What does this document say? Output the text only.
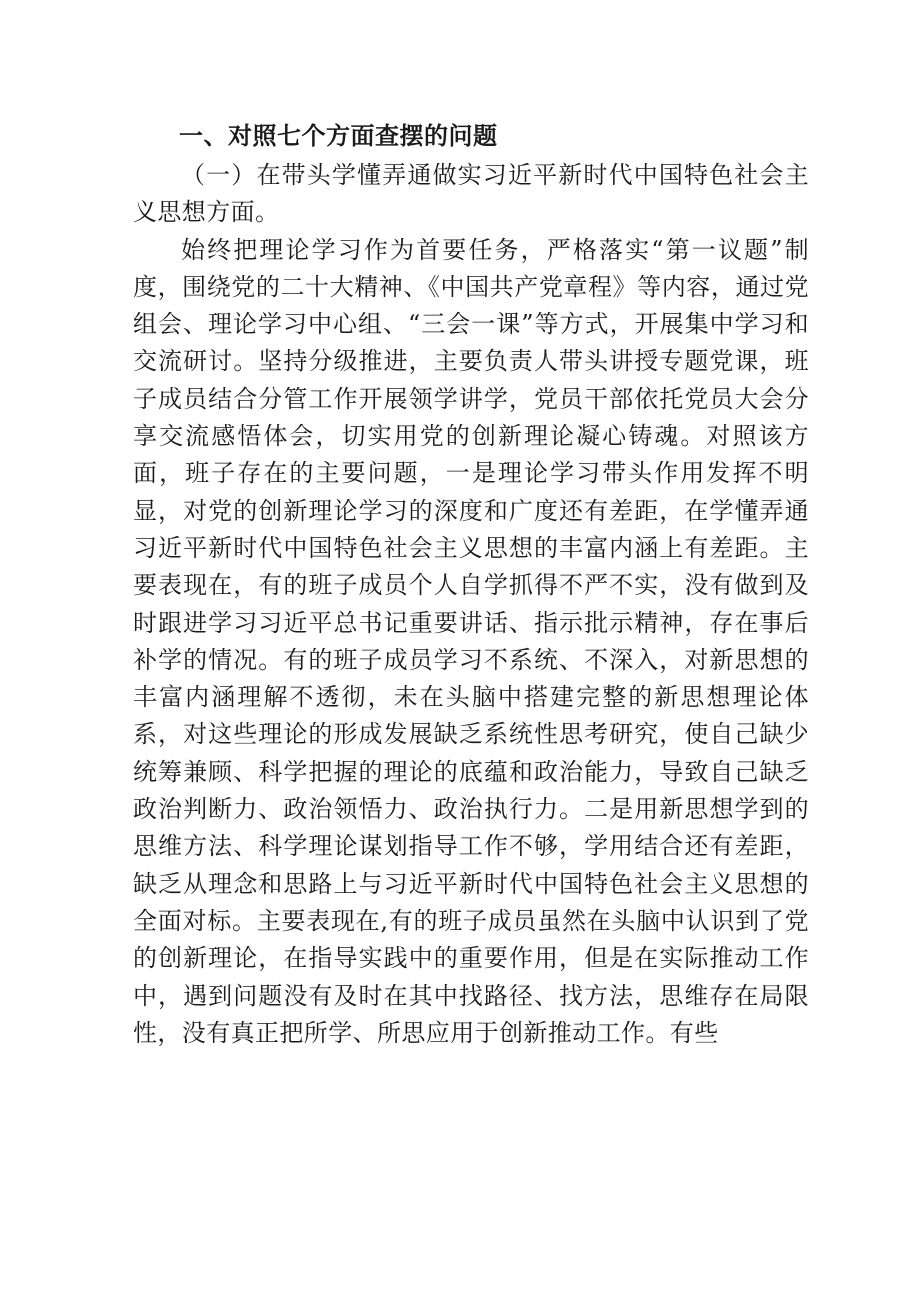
一、对照七个方面查摆的问题

（一）在带头学懂弄通做实习近平新时代中国特色社会主义思想方面。

始终把理论学习作为首要任务，严格落实“第一议题”制度，围绕党的二十大精神、《中国共产党章程》等内容，通过党组会、理论学习中心组、“三会一课”等方式，开展集中学习和交流研讨。坚持分级推进，主要负责人带头讲授专题党课，班子成员结合分管工作开展领学讲学，党员干部依托党员大会分享交流感悟体会，切实用党的创新理论凝心铸魂。对照该方面，班子存在的主要问题，一是理论学习带头作用发挥不明显，对党的创新理论学习的深度和广度还有差距，在学懂弄通习近平新时代中国特色社会主义思想的丰富内涵上有差距。主要表现在，有的班子成员个人自学抓得不严不实，没有做到及时跟进学习习近平总书记重要讲话、指示批示精神，存在事后补学的情况。有的班子成员学习不系统、不深入，对新思想的丰富内涵理解不透彻，未在头脑中搭建完整的新思想理论体系，对这些理论的形成发展缺乏系统性思考研究，使自己缺少统筹兼顾、科学把握的理论的底蕴和政治能力，导致自己缺乏政治判断力、政治领悟力、政治执行力。二是用新思想学到的思维方法、科学理论谋划指导工作不够，学用结合还有差距，缺乏从理念和思路上与习近平新时代中国特色社会主义思想的全面对标。主要表现在,有的班子成员虽然在头脑中认识到了党的创新理论，在指导实践中的重要作用，但是在实际推动工作中，遇到问题没有及时在其中找路径、找方法，思维存在局限性，没有真正把所学、所思应用于创新推动工作。有些
